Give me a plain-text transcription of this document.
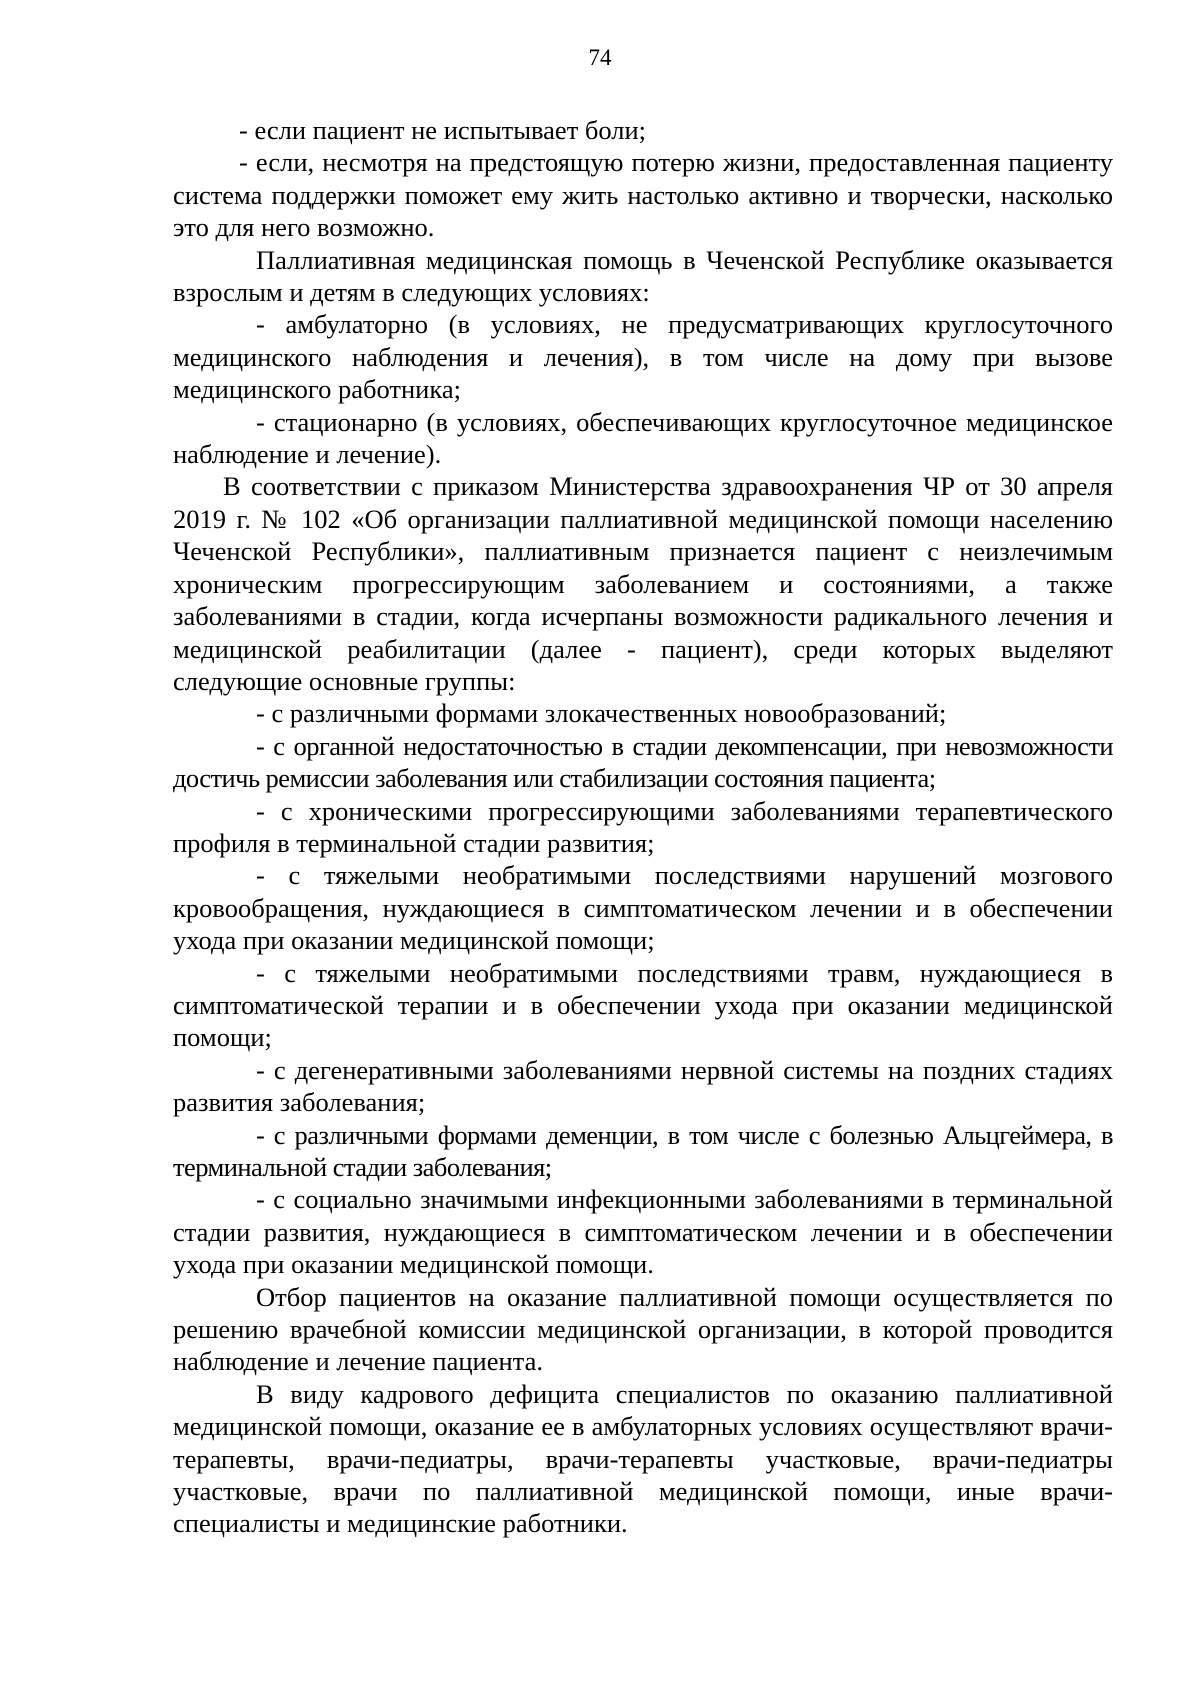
74

- если пациент не испытывает боли;

- если, несмотря на предстоящую потерю жизни, предоставленная пациенту система поддержки поможет ему жить настолько активно и творчески, насколько это для него возможно.

Паллиативная медицинская помощь в Чеченской Республике оказывается взрослым и детям в следующих условиях:

- амбулаторно (в условиях, не предусматривающих круглосуточного медицинского наблюдения и лечения), в том числе на дому при вызове медицинского работника;

- стационарно (в условиях, обеспечивающих круглосуточное медицинское наблюдение и лечение).

В соответствии с приказом Министерства здравоохранения ЧР от 30 апреля 2019 г. № 102 «Об организации паллиативной медицинской помощи населению Чеченской Республики», паллиативным признается пациент с неизлечимым хроническим прогрессирующим заболеванием и состояниями, а также заболеваниями в стадии, когда исчерпаны возможности радикального лечения и медицинской реабилитации (далее - пациент), среди которых выделяют следующие основные группы:

- с различными формами злокачественных новообразований;

- с органной недостаточностью в стадии декомпенсации, при невозможности достичь ремиссии заболевания или стабилизации состояния пациента;

- с хроническими прогрессирующими заболеваниями терапевтического профиля в терминальной стадии развития;

- с тяжелыми необратимыми последствиями нарушений мозгового кровообращения, нуждающиеся в симптоматическом лечении и в обеспечении ухода при оказании медицинской помощи;

- с тяжелыми необратимыми последствиями травм, нуждающиеся в симптоматической терапии и в обеспечении ухода при оказании медицинской помощи;

- с дегенеративными заболеваниями нервной системы на поздних стадиях развития заболевания;

- с различными формами деменции, в том числе с болезнью Альцгеймера, в терминальной стадии заболевания;

- с социально значимыми инфекционными заболеваниями в терминальной стадии развития, нуждающиеся в симптоматическом лечении и в обеспечении ухода при оказании медицинской помощи.

Отбор пациентов на оказание паллиативной помощи осуществляется по решению врачебной комиссии медицинской организации, в которой проводится наблюдение и лечение пациента.

В виду кадрового дефицита специалистов по оказанию паллиативной медицинской помощи, оказание ее в амбулаторных условиях осуществляют врачи-терапевты, врачи-педиатры, врачи-терапевты участковые, врачи-педиатры участковые, врачи по паллиативной медицинской помощи, иные врачи-специалисты и медицинские работники.
